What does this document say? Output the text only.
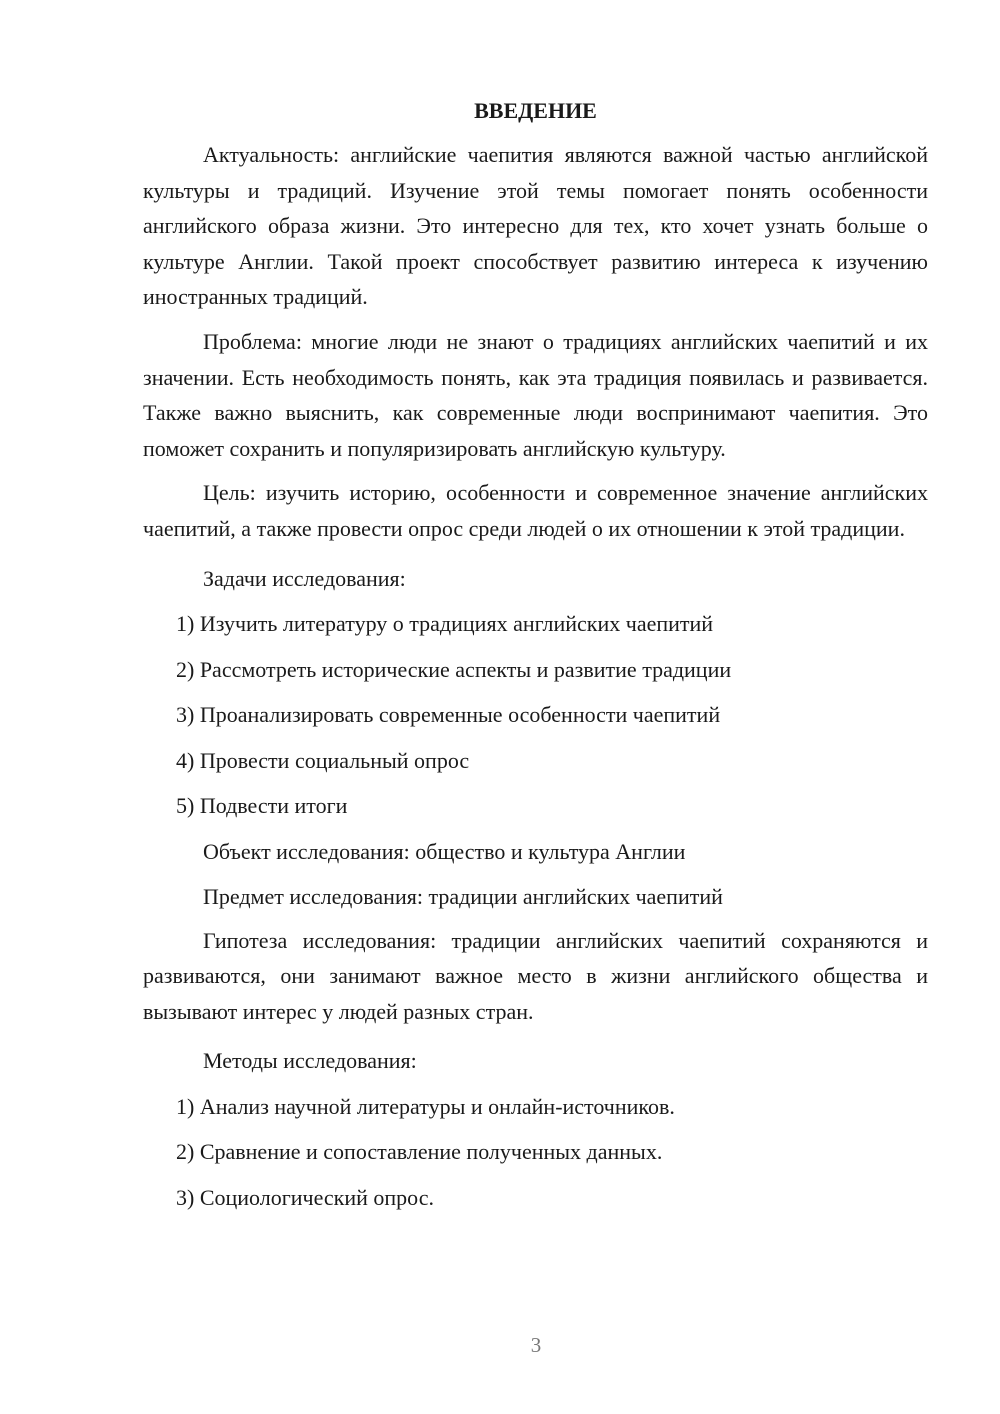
ВВЕДЕНИЕ

Актуальность: английские чаепития являются важной частью английской культуры и традиций. Изучение этой темы помогает понять особенности английского образа жизни. Это интересно для тех, кто хочет узнать больше о культуре Англии. Такой проект способствует развитию интереса к изучению иностранных традиций.

Проблема: многие люди не знают о традициях английских чаепитий и их значении. Есть необходимость понять, как эта традиция появилась и развивается. Также важно выяснить, как современные люди воспринимают чаепития. Это поможет сохранить и популяризировать английскую культуру.

Цель: изучить историю, особенности и современное значение английских чаепитий, а также провести опрос среди людей о их отношении к этой традиции.

Задачи исследования:

1) Изучить литературу о традициях английских чаепитий

2) Рассмотреть исторические аспекты и развитие традиции

3) Проанализировать современные особенности чаепитий

4) Провести социальный опрос

5) Подвести итоги

Объект исследования: общество и культура Англии

Предмет исследования: традиции английских чаепитий

Гипотеза исследования: традиции английских чаепитий сохраняются и развиваются, они занимают важное место в жизни английского общества и вызывают интерес у людей разных стран.

Методы исследования:

1) Анализ научной литературы и онлайн-источников.

2) Сравнение и сопоставление полученных данных.

3) Социологический опрос.

3
